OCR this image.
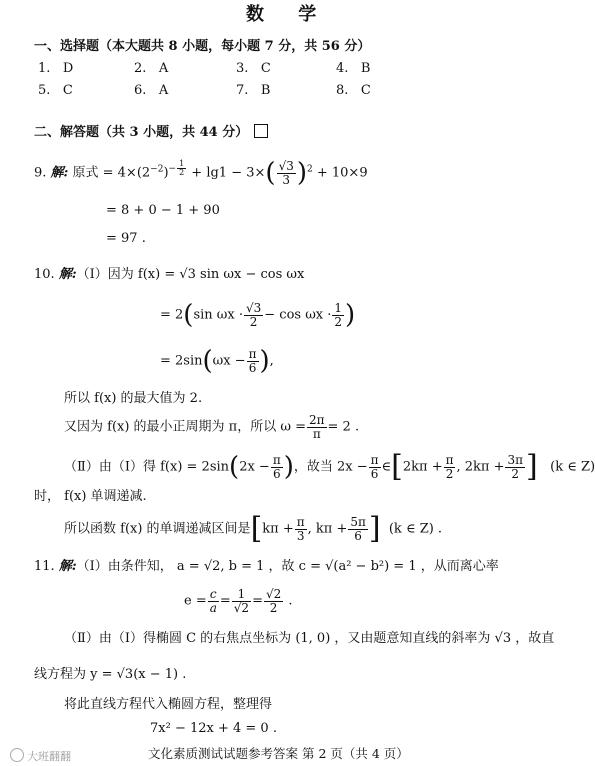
数 学
一、选择题（本大题共 8 小题，每小题 7 分，共 56 分）
1. D	2. A	3. C	4. B
5. C	6. A	7. B	8. C
二、解答题（共 3 小题，共 44 分）
9. 解: 原式 = $4\times(2^{-2})^{- \frac{1}{2}} + \lg 1 - 3\times( \frac{√3}{3} )^2 + 10\times 9$
= 8 + 0 − 1 + 90
= 97 .
10. 解:（Ⅰ）因为 f(x) = √3 sin ωx − cos ωx
= 2(sin $\omega x \cdot \frac{√3}{2} - \cos \omega x \cdot \frac{1}{2}$ )
= $2\sin(\omega x - \frac{\pi}{6}$ ),
所以 f(x) 的最大值为 2.
又因为 f(x) 的最小正周期为 π，所以 $\omega = \frac{2\pi}{\pi} = 2$ .
（Ⅱ）由（Ⅰ）得 $f(x) = 2\sin(2x - \frac{\pi}{6}$ )，故当 $2x - \frac{\pi}{6}$ ∈[2kπ + $\frac{\pi}{2}$ , $2k\pi + \frac{3\pi}{2}$ ] (k ∈ Z)
时， f(x) 单调递减.
所以函数 f(x) 的单调递减区间是[$k\pi + \frac{\pi}{3}$ , $k\pi + \frac{5\pi}{6}$ ] (k ∈ Z) .
11. 解:（Ⅰ）由条件知， a = √2, b = 1 ，故 c = √(a² − b²) = 1 ，从而离心率
$e = \frac{c}{a} = \frac{1}{√2} = \frac{√2}{2}$ .
（Ⅱ）由（Ⅰ）得椭圆 C 的右焦点坐标为 (1, 0) ，又由题意知直线的斜率为 √3 ，故直
线方程为 y = √3(x − 1) .
将此直线方程代入椭圆方程，整理得
7x² − 12x + 4 = 0 .
大班翻翻	文化素质测试试题参考答案 第 2 页（共 4 页）
